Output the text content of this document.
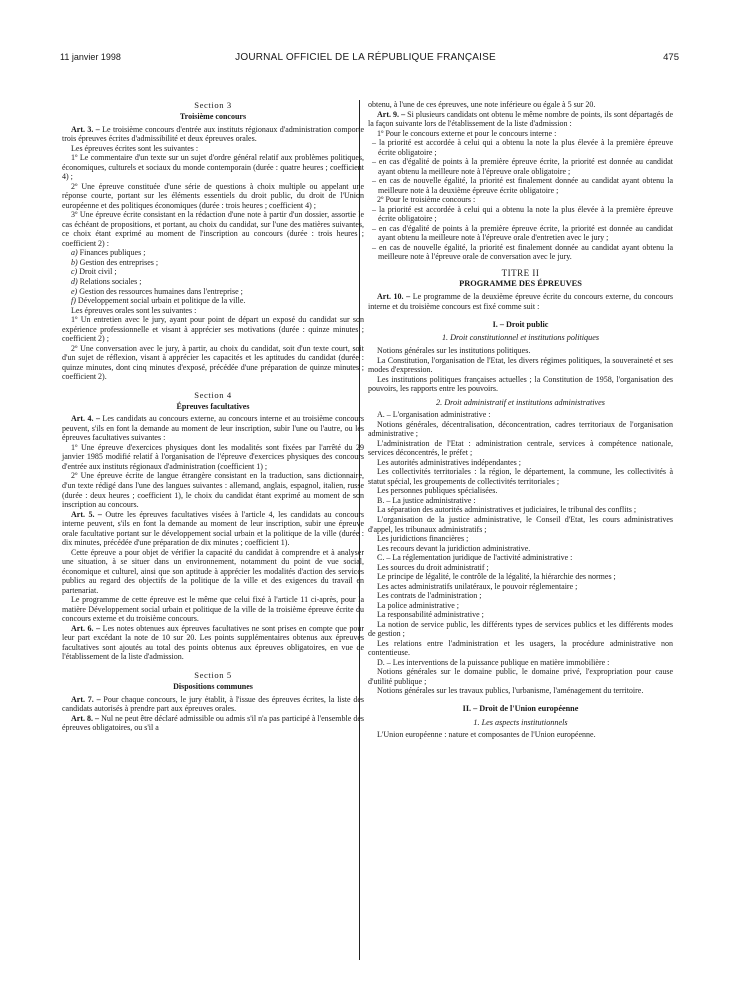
11 janvier 1998	JOURNAL OFFICIEL DE LA RÉPUBLIQUE FRANÇAISE	475
Section 3
Troisième concours

Art. 3. – Le troisième concours d'entrée aux instituts régionaux d'administration comporte trois épreuves écrites d'admissibilité et deux épreuves orales.

Les épreuves écrites sont les suivantes :

1º Le commentaire d'un texte sur un sujet d'ordre général relatif aux problèmes politiques, économiques, culturels et sociaux du monde contemporain (durée : quatre heures ; coefficient 4) ;

2º Une épreuve constituée d'une série de questions à choix multiple ou appelant une réponse courte, portant sur les éléments essentiels du droit public, du droit de l'Union européenne et des politiques économiques (durée : trois heures ; coefficient 4) ;

3º Une épreuve écrite consistant en la rédaction d'une note à partir d'un dossier, assortie le cas échéant de propositions, et portant, au choix du candidat, sur l'une des matières suivantes, ce choix étant exprimé au moment de l'inscription au concours (durée : trois heures ; coefficient 2) :

a) Finances publiques ;

b) Gestion des entreprises ;

c) Droit civil ;

d) Relations sociales ;

e) Gestion des ressources humaines dans l'entreprise ;

f) Développement social urbain et politique de la ville.

Les épreuves orales sont les suivantes :

1º Un entretien avec le jury, ayant pour point de départ un exposé du candidat sur son expérience professionnelle et visant à apprécier ses motivations (durée : quinze minutes ; coefficient 2) ;

2º Une conversation avec le jury, à partir, au choix du candidat, soit d'un texte court, soit d'un sujet de réflexion, visant à apprécier les capacités et les aptitudes du candidat (durée : quinze minutes, dont cinq minutes d'exposé, précédée d'une préparation de quinze minutes ; coefficient 2).

Section 4
Épreuves facultatives

Art. 4. – Les candidats au concours externe, au concours interne et au troisième concours peuvent, s'ils en font la demande au moment de leur inscription, subir l'une ou l'autre, ou les épreuves facultatives suivantes :

1º Une épreuve d'exercices physiques dont les modalités sont fixées par l'arrêté du 29 janvier 1985 modifié relatif à l'organisation de l'épreuve d'exercices physiques des concours d'entrée aux instituts régionaux d'administration (coefficient 1) ;

2º Une épreuve écrite de langue étrangère consistant en la traduction, sans dictionnaire, d'un texte rédigé dans l'une des langues suivantes : allemand, anglais, espagnol, italien, russe (durée : deux heures ; coefficient 1), le choix du candidat étant exprimé au moment de son inscription au concours.

Art. 5. – Outre les épreuves facultatives visées à l'article 4, les candidats au concours interne peuvent, s'ils en font la demande au moment de leur inscription, subir une épreuve orale facultative portant sur le développement social urbain et la politique de la ville (durée : dix minutes, précédée d'une préparation de dix minutes ; coefficient 1).

Cette épreuve a pour objet de vérifier la capacité du candidat à comprendre et à analyser une situation, à se situer dans un environnement, notamment du point de vue social, économique et culturel, ainsi que son aptitude à apprécier les modalités d'action des services publics au regard des objectifs de la politique de la ville et des exigences du travail en partenariat.

Le programme de cette épreuve est le même que celui fixé à l'article 11 ci-après, pour la matière Développement social urbain et politique de la ville de la troisième épreuve écrite du concours externe et du troisième concours.

Art. 6. – Les notes obtenues aux épreuves facultatives ne sont prises en compte que pour leur part excédant la note de 10 sur 20. Les points supplémentaires obtenus aux épreuves facultatives sont ajoutés au total des points obtenus aux épreuves obligatoires, en vue de l'établissement de la liste d'admission.

Section 5
Dispositions communes

Art. 7. – Pour chaque concours, le jury établit, à l'issue des épreuves écrites, la liste des candidats autorisés à prendre part aux épreuves orales.

Art. 8. – Nul ne peut être déclaré admissible ou admis s'il n'a pas participé à l'ensemble des épreuves obligatoires, ou s'il a

obtenu, à l'une de ces épreuves, une note inférieure ou égale à 5 sur 20.

Art. 9. – Si plusieurs candidats ont obtenu le même nombre de points, ils sont départagés de la façon suivante lors de l'établissement de la liste d'admission :

1º Pour le concours externe et pour le concours interne :

– la priorité est accordée à celui qui a obtenu la note la plus élevée à la première épreuve écrite obligatoire ;

– en cas d'égalité de points à la première épreuve écrite, la priorité est donnée au candidat ayant obtenu la meilleure note à l'épreuve orale obligatoire ;

– en cas de nouvelle égalité, la priorité est finalement donnée au candidat ayant obtenu la meilleure note à la deuxième épreuve écrite obligatoire ;

2º Pour le troisième concours :

– la priorité est accordée à celui qui a obtenu la note la plus élevée à la première épreuve écrite obligatoire ;

– en cas d'égalité de points à la première épreuve écrite, la priorité est donnée au candidat ayant obtenu la meilleure note à l'épreuve orale d'entretien avec le jury ;

– en cas de nouvelle égalité, la priorité est finalement donnée au candidat ayant obtenu la meilleure note à l'épreuve orale de conversation avec le jury.

TITRE II
PROGRAMME DES ÉPREUVES

Art. 10. – Le programme de la deuxième épreuve écrite du concours externe, du concours interne et du troisième concours est fixé comme suit :

I. – Droit public
1. Droit constitutionnel et institutions politiques

Notions générales sur les institutions politiques.

La Constitution, l'organisation de l'Etat, les divers régimes politiques, la souveraineté et ses modes d'expression.

Les institutions politiques françaises actuelles ; la Constitution de 1958, l'organisation des pouvoirs, les rapports entre les pouvoirs.

2. Droit administratif et institutions administratives

A. – L'organisation administrative :

Notions générales, décentralisation, déconcentration, cadres territoriaux de l'organisation administrative ;

L'administration de l'Etat : administration centrale, services à compétence nationale, services déconcentrés, le préfet ;

Les autorités administratives indépendantes ;

Les collectivités territoriales : la région, le département, la commune, les collectivités à statut spécial, les groupements de collectivités territoriales ;

Les personnes publiques spécialisées.

B. – La justice administrative :

La séparation des autorités administratives et judiciaires, le tribunal des conflits ;

L'organisation de la justice administrative, le Conseil d'Etat, les cours administratives d'appel, les tribunaux administratifs ;

Les juridictions financières ;

Les recours devant la juridiction administrative.

C. – La réglementation juridique de l'activité administrative :

Les sources du droit administratif ;

Le principe de légalité, le contrôle de la légalité, la hiérarchie des normes ;

Les actes administratifs unilatéraux, le pouvoir réglementaire ;

Les contrats de l'administration ;

La police administrative ;

La responsabilité administrative ;

La notion de service public, les différents types de services publics et les différents modes de gestion ;

Les relations entre l'administration et les usagers, la procédure administrative non contentieuse.

D. – Les interventions de la puissance publique en matière immobilière :

Notions générales sur le domaine public, le domaine privé, l'expropriation pour cause d'utilité publique ;

Notions générales sur les travaux publics, l'urbanisme, l'aménagement du territoire.

II. – Droit de l'Union européenne
1. Les aspects institutionnels

L'Union européenne : nature et composantes de l'Union européenne.
